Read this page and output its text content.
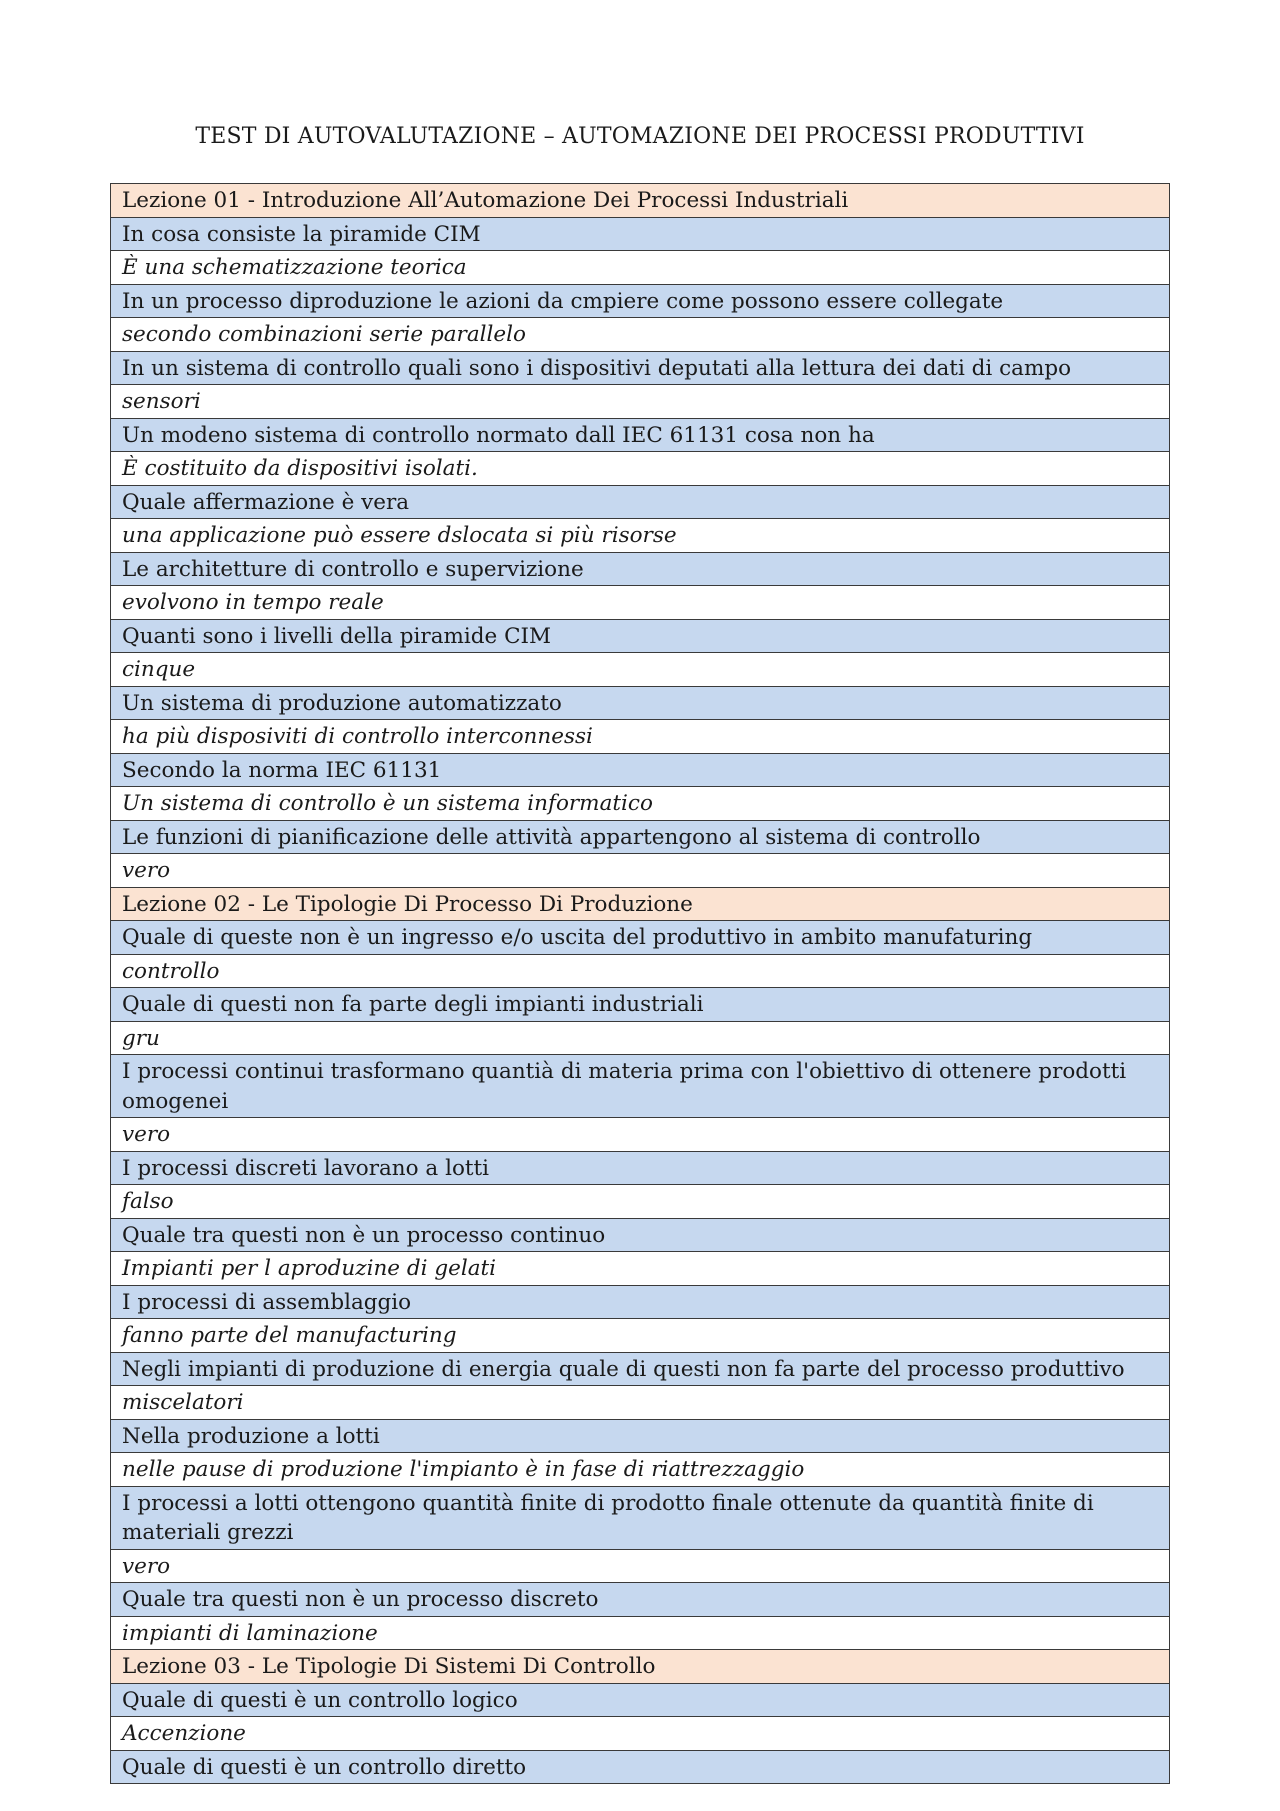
TEST DI AUTOVALUTAZIONE – AUTOMAZIONE DEI PROCESSI PRODUTTIVI
Lezione 01 - Introduzione All’Automazione Dei Processi Industriali
In cosa consiste la piramide CIM
È una schematizzazione teorica
In un processo diproduzione le azioni da cmpiere come possono essere collegate
secondo combinazioni serie parallelo
In un sistema di controllo quali sono i dispositivi deputati alla lettura dei dati di campo
sensori
Un modeno sistema di controllo normato dall IEC 61131 cosa non ha
È costituito da dispositivi isolati.
Quale affermazione è vera
una applicazione può essere dslocata si più risorse
Le architetture di controllo e supervizione
evolvono in tempo reale
Quanti sono i livelli della piramide CIM
cinque
Un sistema di produzione automatizzato
ha più disposiviti di controllo interconnessi
Secondo la norma IEC 61131
Un sistema di controllo è un sistema informatico
Le funzioni di pianificazione delle attività appartengono al sistema di controllo
vero
Lezione 02 - Le Tipologie Di Processo Di Produzione
Quale di queste non è un ingresso e/o uscita del produttivo in ambito manufaturing
controllo
Quale di questi non fa parte degli impianti industriali
gru
I processi continui trasformano quantià di materia prima con l'obiettivo di ottenere prodotti omogenei
vero
I processi discreti lavorano a lotti
falso
Quale tra questi non è un processo continuo
Impianti per l aproduzine di gelati
I processi di assemblaggio
fanno parte del manufacturing
Negli impianti di produzione di energia quale di questi non fa parte del processo produttivo
miscelatori
Nella produzione a lotti
nelle pause di produzione l'impianto è in fase di riattrezzaggio
I processi a lotti ottengono quantità finite di prodotto finale ottenute da quantità finite di materiali grezzi
vero
Quale tra questi non è un processo discreto
impianti di laminazione
Lezione 03 - Le Tipologie Di Sistemi Di Controllo
Quale di questi è un controllo logico
Accenzione
Quale di questi è un controllo diretto
